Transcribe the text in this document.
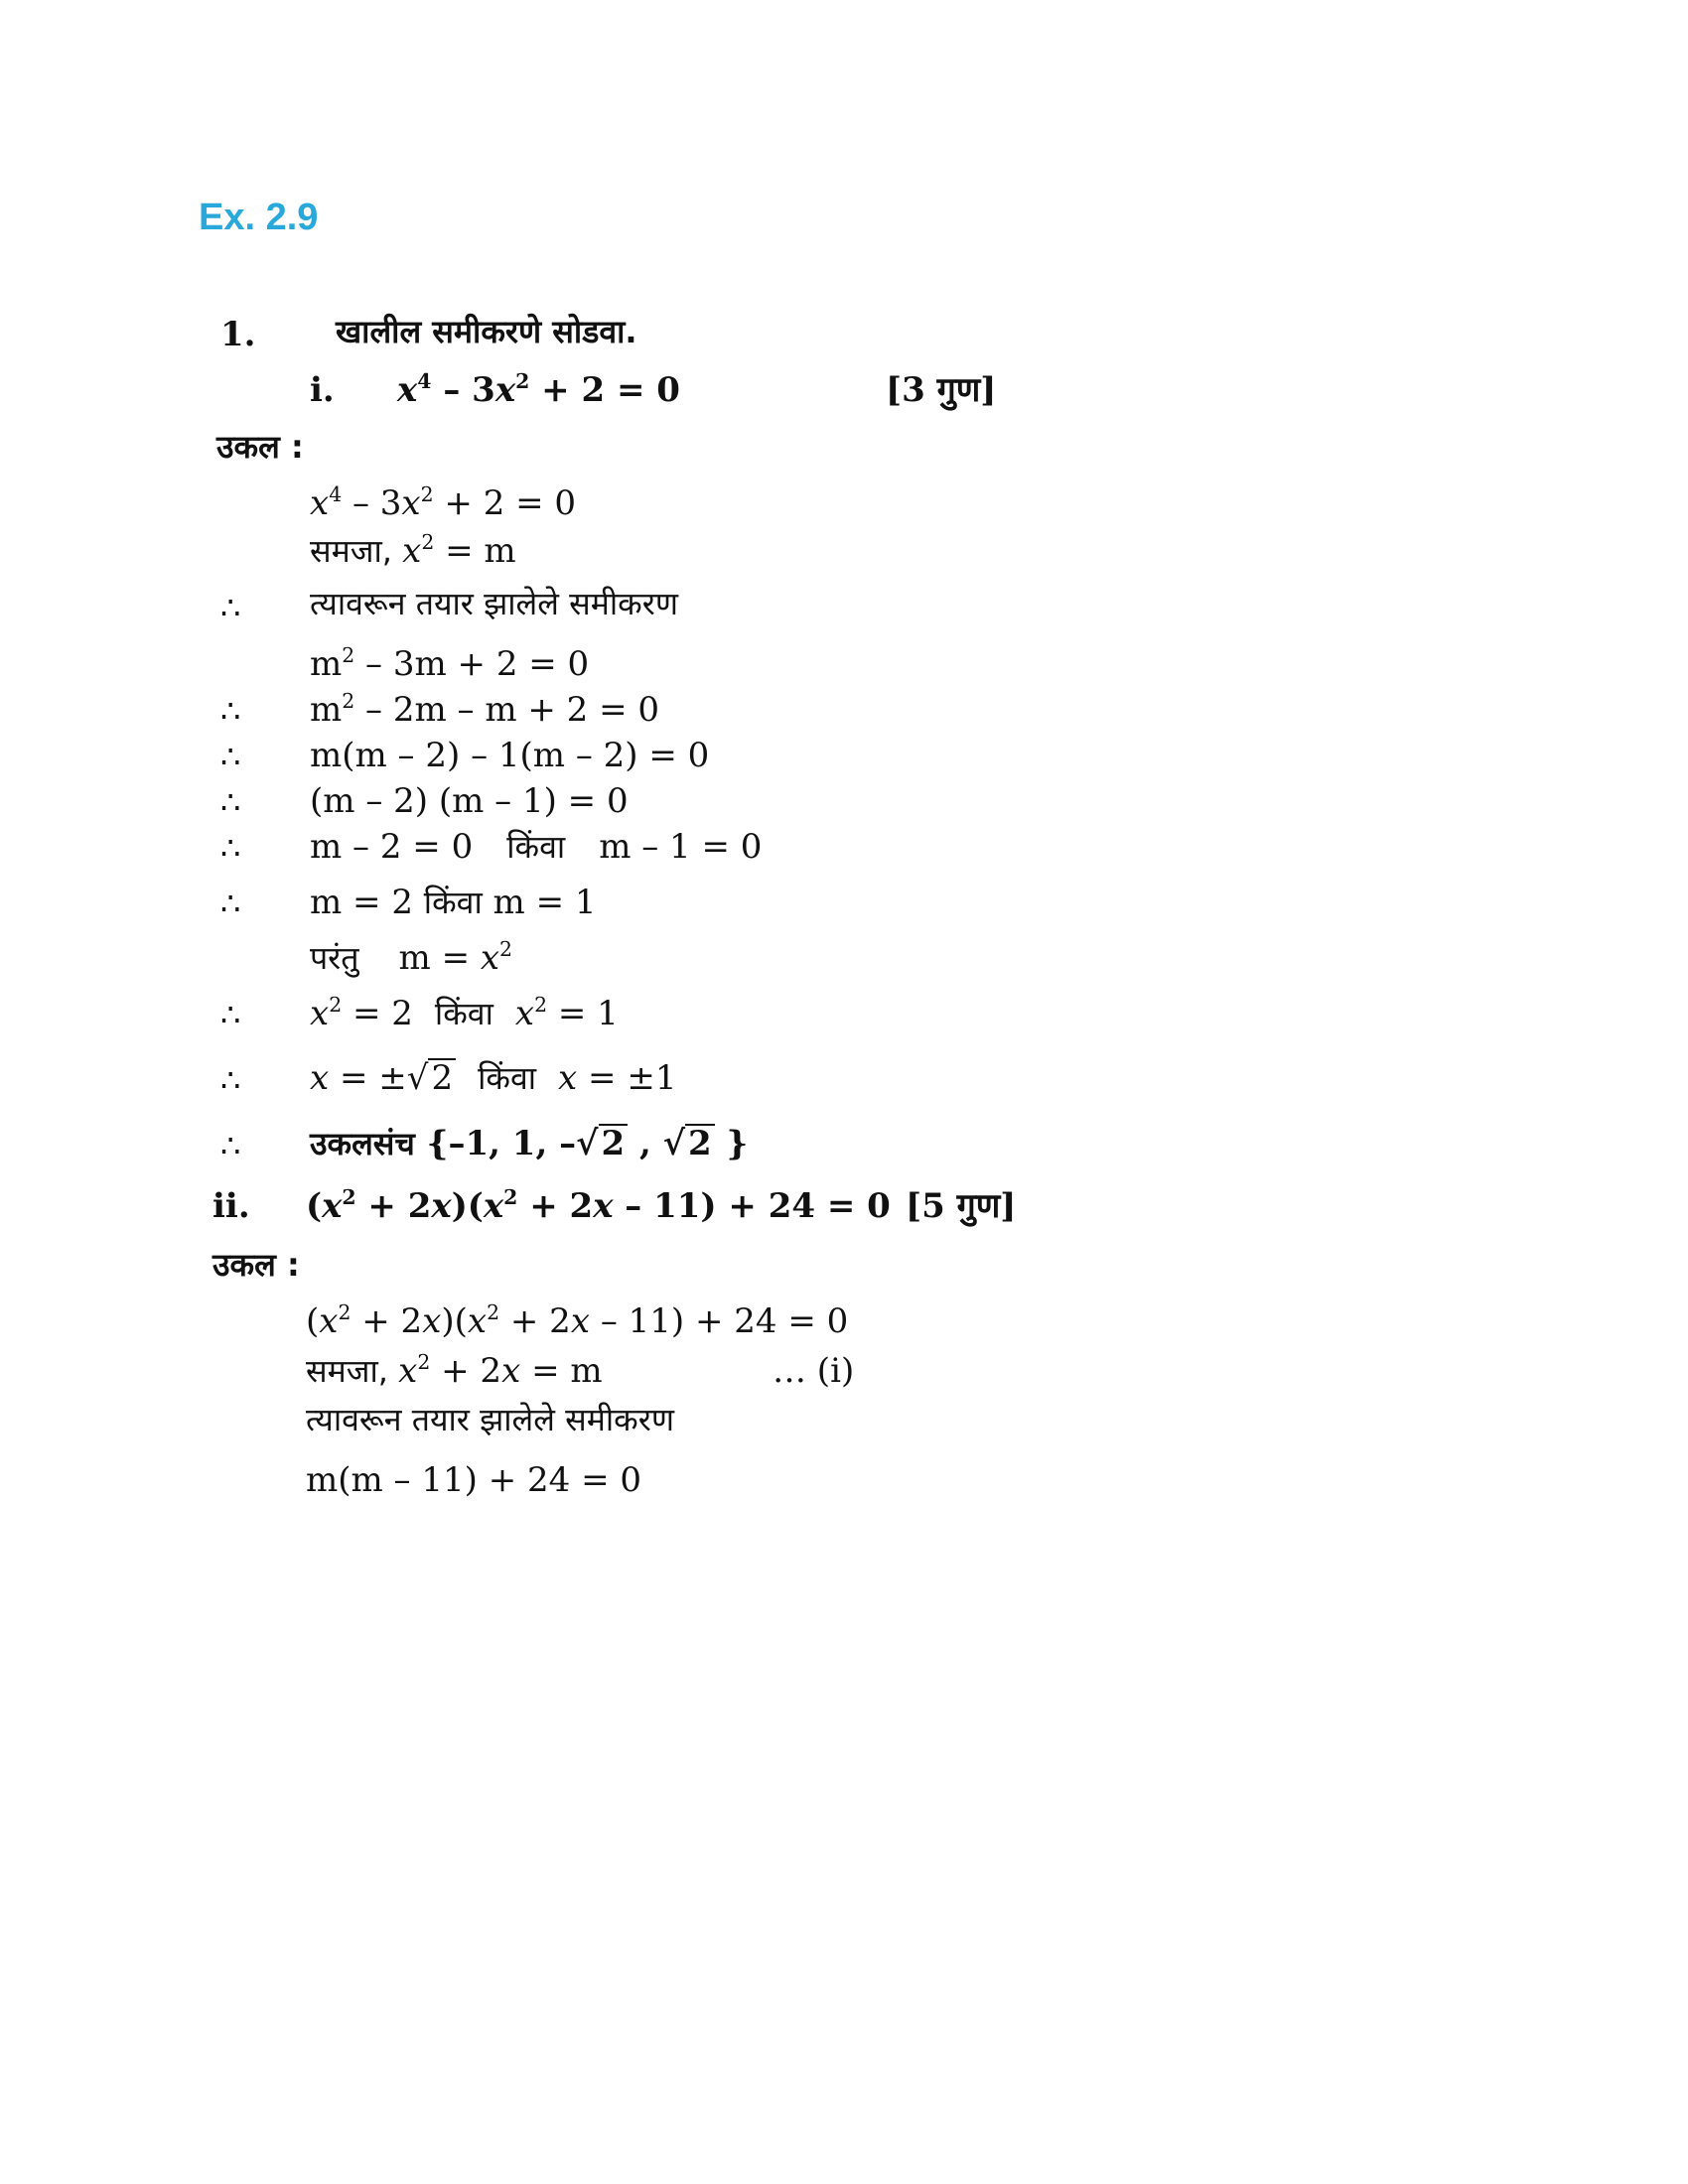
Ex. 2.9
1.	खालील समीकरणे सोडवा.
i. $x^4 - 3x^2 + 2 = 0$	[3 गुण]
उकल :
$x^4 - 3x^2 + 2 = 0$
समजा, $x^2 = m$
∴ त्यावरून तयार झालेले समीकरण
$m^2 - 3m + 2 = 0$
∴ $m^2 - 2m - m + 2 = 0$
∴ m(m – 2) – 1(m – 2) = 0
∴ (m – 2) (m – 1) = 0
∴ m – 2 = 0 किंवा m – 1 = 0
∴ m = 2 किंवा m = 1
परंतु $m = x^2$
∴ $x^2 = 2$ किंवा $x^2 = 1$
∴ x = ±√2 किंवा x = ±1
∴ उकलसंच {–1, 1, –√2 , √2 }
ii. $(x^2 + 2x)(x^2 + 2x - 11) + 24 = 0$ [5 गुण]
उकल :
$(x^2 + 2x)(x^2 + 2x - 11) + 24 = 0$
समजा, $x^2 + 2x = m$	… (i)
त्यावरून तयार झालेले समीकरण
m(m – 11) + 24 = 0
